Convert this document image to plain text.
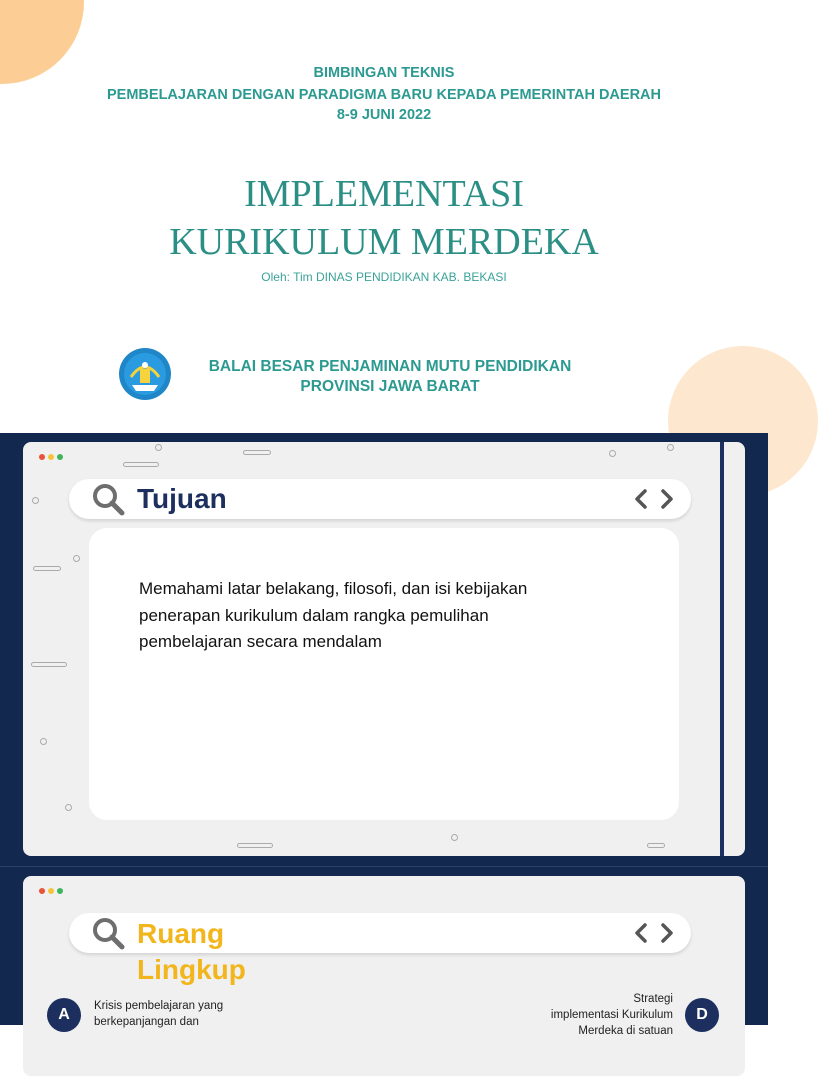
BIMBINGAN TEKNIS
PEMBELAJARAN DENGAN PARADIGMA BARU KEPADA PEMERINTAH DAERAH
8-9 JUNI 2022
IMPLEMENTASI
KURIKULUM MERDEKA
Oleh: Tim DINAS PENDIDIKAN KAB. BEKASI
BALAI BESAR PENJAMINAN MUTU PENDIDIKAN
PROVINSI JAWA BARAT
Tujuan
Memahami latar belakang, filosofi, dan isi kebijakan
penerapan kurikulum dalam rangka pemulihan
pembelajaran secara mendalam
Ruang
Lingkup
A	Krisis pembelajaran yang
berkepanjangan dan
Strategi
implementasi Kurikulum
Merdeka di satuan
D
